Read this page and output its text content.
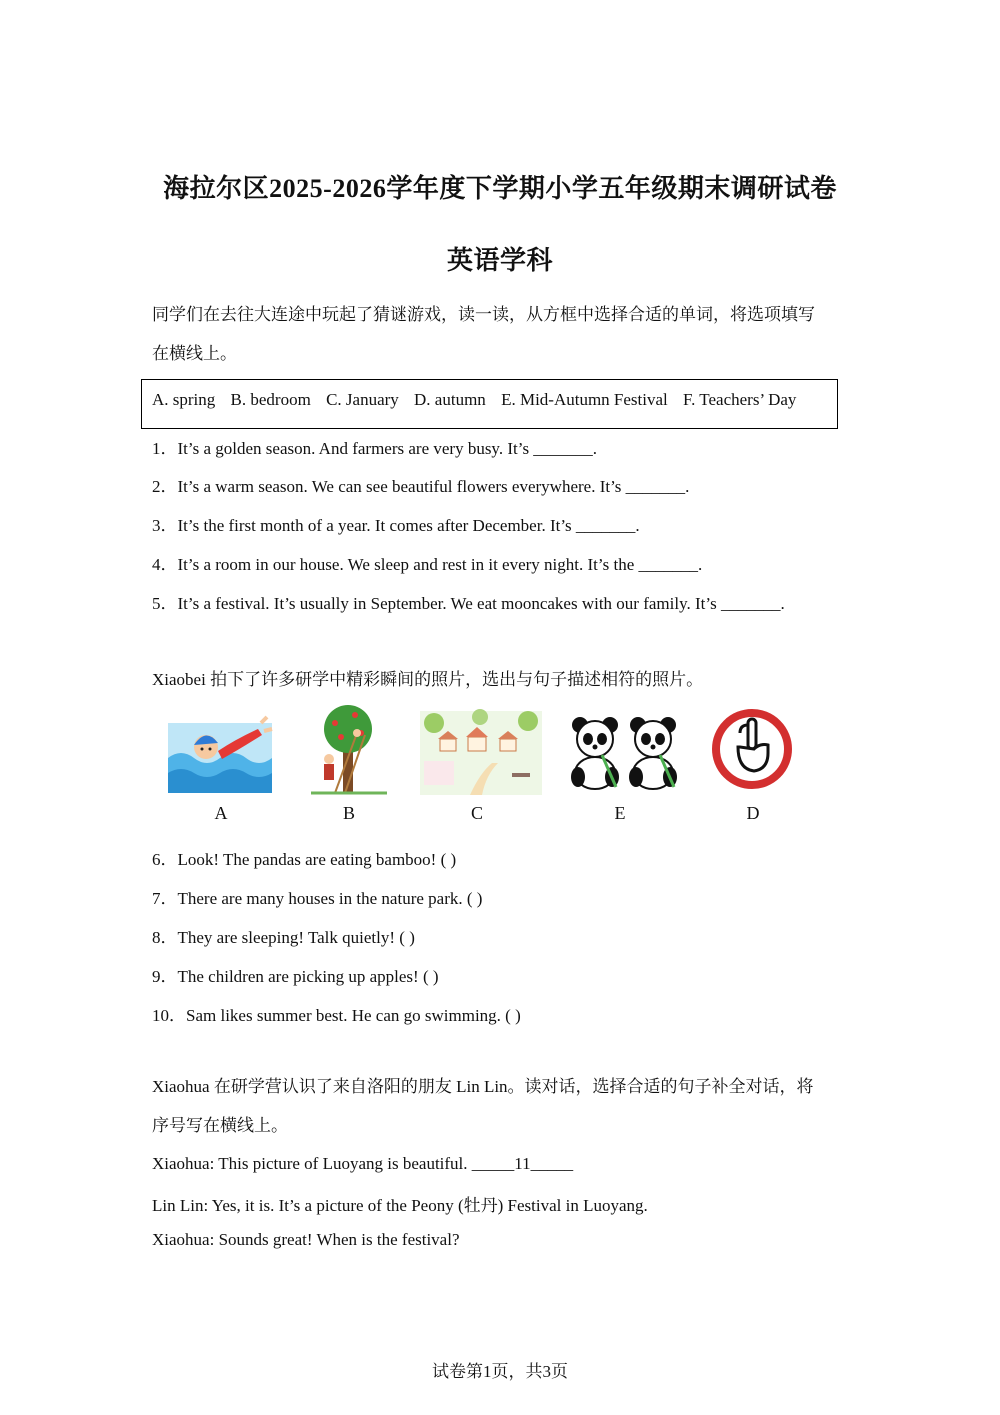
海拉尔区2025-2026学年度下学期小学五年级期末调研试卷
英语学科
同学们在去往大连途中玩起了猜谜游戏，读一读，从方框中选择合适的单词，将选项填写
在横线上。
A. spring B. bedroom C. January D. autumn E. Mid-Autumn Festival F. Teachers’ Day
1．It’s a golden season. And farmers are very busy. It’s _______.
2．It’s a warm season. We can see beautiful flowers everywhere. It’s _______.
3．It’s the first month of a year. It comes after December. It’s _______.
4．It’s a room in our house. We sleep and rest in it every night. It’s the _______.
5．It’s a festival. It’s usually in September. We eat mooncakes with our family. It’s _______.
Xiaobei 拍下了许多研学中精彩瞬间的照片，选出与句子描述相符的照片。
A	B	C	E	D
6．Look! The pandas are eating bamboo! ( )
7．There are many houses in the nature park. ( )
8．They are sleeping! Talk quietly! ( )
9．The children are picking up apples! ( )
10．Sam likes summer best. He can go swimming. ( )
Xiaohua 在研学营认识了来自洛阳的朋友 Lin Lin。读对话，选择合适的句子补全对话，将
序号写在横线上。
Xiaohua: This picture of Luoyang is beautiful. _____11_____
Lin Lin: Yes, it is. It’s a picture of the Peony (牡丹) Festival in Luoyang.
Xiaohua: Sounds great! When is the festival?
试卷第1页，共3页
